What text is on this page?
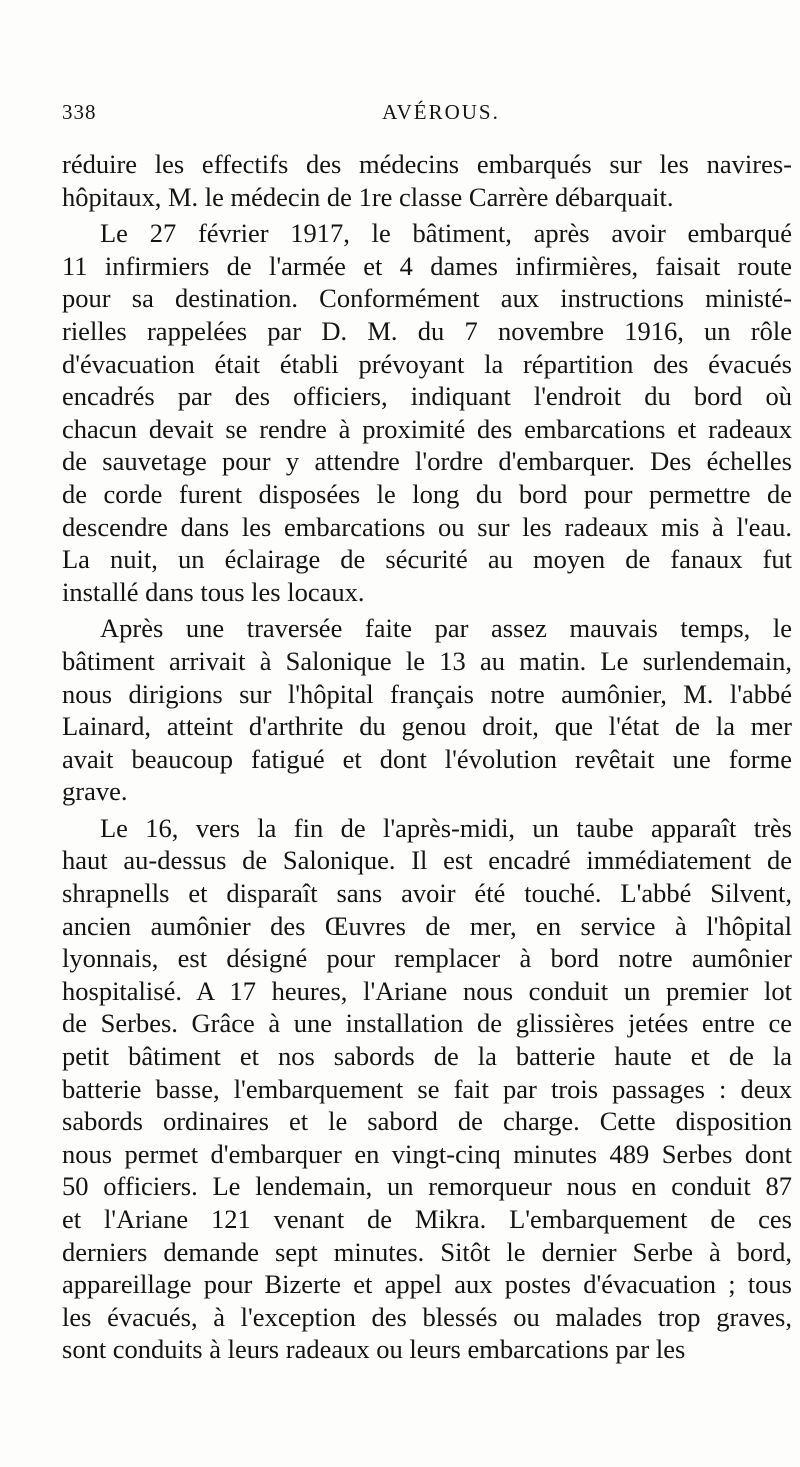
338	AVÉROUS.
réduire les effectifs des médecins embarqués sur les navires-
hôpitaux, M. le médecin de 1re classe Carrère débarquait.
Le 27 février 1917, le bâtiment, après avoir embarqué
11 infirmiers de l'armée et 4 dames infirmières, faisait route
pour sa destination. Conformément aux instructions ministé-
rielles rappelées par D. M. du 7 novembre 1916, un rôle
d'évacuation était établi prévoyant la répartition des évacués
encadrés par des officiers, indiquant l'endroit du bord où
chacun devait se rendre à proximité des embarcations et radeaux
de sauvetage pour y attendre l'ordre d'embarquer. Des échelles
de corde furent disposées le long du bord pour permettre de
descendre dans les embarcations ou sur les radeaux mis à l'eau.
La nuit, un éclairage de sécurité au moyen de fanaux fut
installé dans tous les locaux.
Après une traversée faite par assez mauvais temps, le
bâtiment arrivait à Salonique le 13 au matin. Le surlendemain,
nous dirigions sur l'hôpital français notre aumônier, M. l'abbé
Lainard, atteint d'arthrite du genou droit, que l'état de la mer
avait beaucoup fatigué et dont l'évolution revêtait une forme
grave.
Le 16, vers la fin de l'après-midi, un taube apparaît très
haut au-dessus de Salonique. Il est encadré immédiatement de
shrapnells et disparaît sans avoir été touché. L'abbé Silvent,
ancien aumônier des Œuvres de mer, en service à l'hôpital
lyonnais, est désigné pour remplacer à bord notre aumônier
hospitalisé. A 17 heures, l'Ariane nous conduit un premier lot
de Serbes. Grâce à une installation de glissières jetées entre ce
petit bâtiment et nos sabords de la batterie haute et de la
batterie basse, l'embarquement se fait par trois passages : deux
sabords ordinaires et le sabord de charge. Cette disposition
nous permet d'embarquer en vingt-cinq minutes 489 Serbes dont
50 officiers. Le lendemain, un remorqueur nous en conduit 87
et l'Ariane 121 venant de Mikra. L'embarquement de ces
derniers demande sept minutes. Sitôt le dernier Serbe à bord,
appareillage pour Bizerte et appel aux postes d'évacuation ; tous
les évacués, à l'exception des blessés ou malades trop graves,
sont conduits à leurs radeaux ou leurs embarcations par les
